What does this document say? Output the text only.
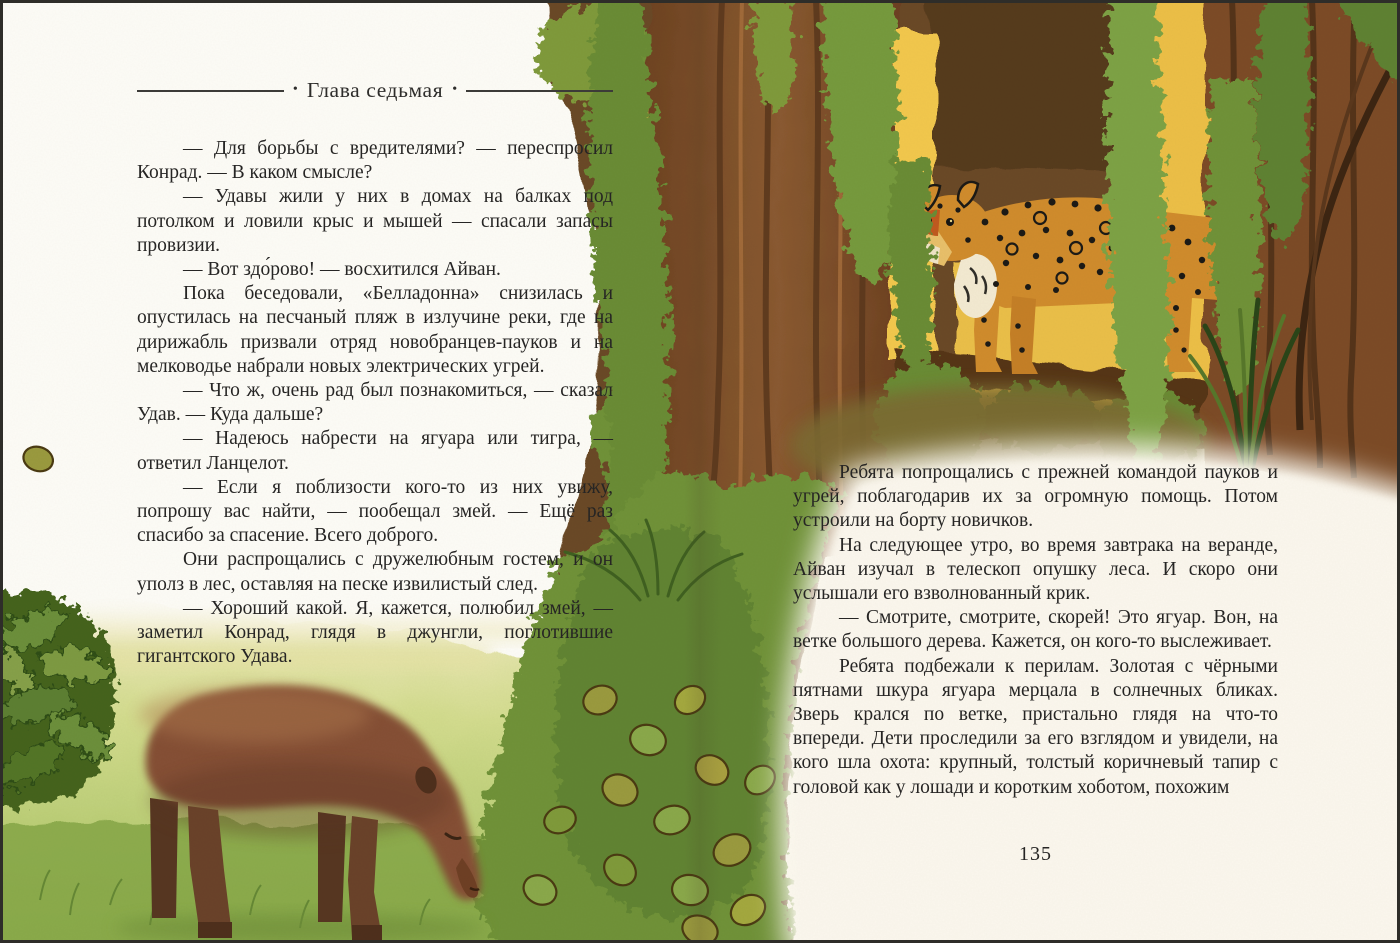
• Глава седьмая •

— Для борьбы с вредителями? — переспросил Конрад. — В каком смысле?

— Удавы жили у них в домах на балках под потолком и ловили крыс и мышей — спасали запасы провизии.

— Вот здо́рово! — восхитился Айван.

Пока беседовали, «Белладонна» снизилась и опустилась на песчаный пляж в излучине реки, где на дирижабль призвали отряд новобранцев-пауков и на мелководье набрали новых электрических угрей.

— Что ж, очень рад был познакомиться, — сказал Удав. — Куда дальше?

— Надеюсь набрести на ягуара или тигра, — ответил Ланцелот.

— Если я поблизости кого-то из них увижу, попрошу вас найти, — пообещал змей. — Ещё раз спасибо за спасение. Всего доброго.

Они распрощались с дружелюбным гостем, и он уполз в лес, оставляя на песке извилистый след.

— Хороший какой. Я, кажется, полюбил змей, — заметил Конрад, глядя в джунгли, поглотившие гигантского Удава.

Ребята попрощались с прежней командой пауков и угрей, поблагодарив их за огромную помощь. Потом устроили на борту новичков.

На следующее утро, во время завтрака на веранде, Айван изучал в телескоп опушку леса. И скоро они услышали его взволнованный крик.

— Смотрите, смотрите, скорей! Это ягуар. Вон, на ветке большого дерева. Кажется, он кого-то выслеживает.

Ребята подбежали к перилам. Золотая с чёрными пятнами шкура ягуара мерцала в солнечных бликах. Зверь крался по ветке, пристально глядя на что-то впереди. Дети проследили за его взглядом и увидели, на кого шла охота: крупный, толстый коричневый тапир с головой как у лошади и коротким хоботом, похожим

135
